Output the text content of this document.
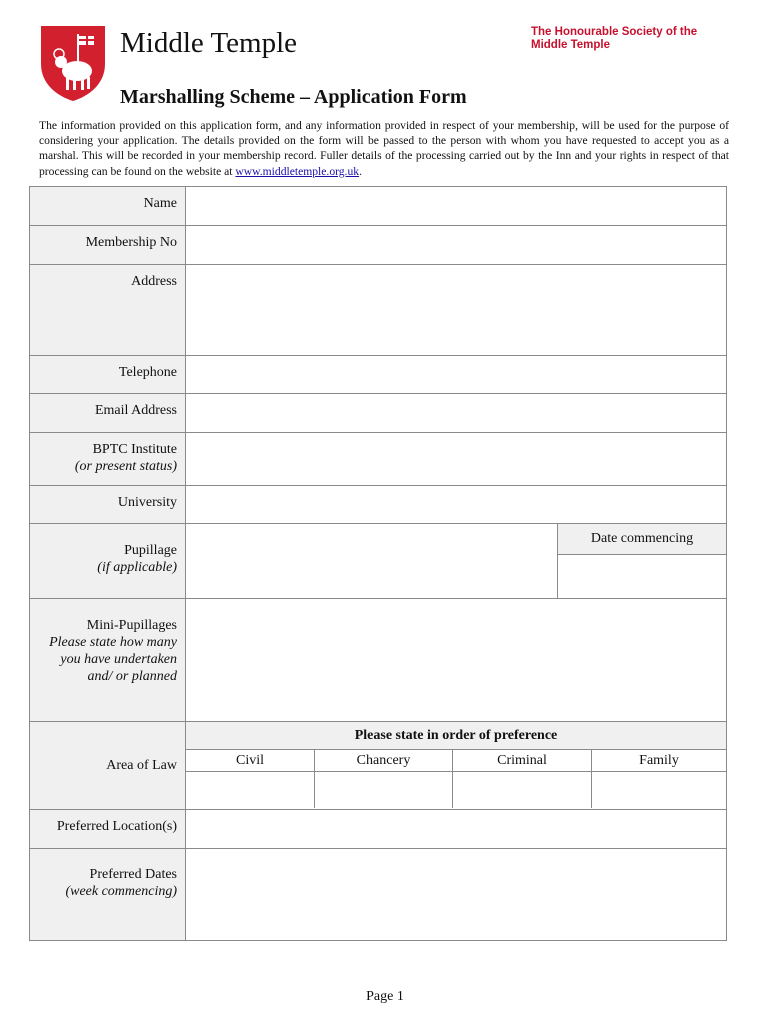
Middle Temple	The Honourable Society of the Middle Temple
Marshalling Scheme – Application Form
The information provided on this application form, and any information provided in respect of your membership, will be used for the purpose of considering your application. The details provided on the form will be passed to the person with whom you have requested to accept you as a marshal. This will be recorded in your membership record. Fuller details of the processing carried out by the Inn and your rights in respect of that processing can be found on the website at www.middletemple.org.uk.
Name	
Membership No	
Address	
Telephone	
Email Address	

BPTC Institute
(or present status)	

University	

Pupillage
(if applicable)	Date commencing

Mini-Pupillages
Please state how many you have undertaken and/ or planned	

Area of Law	Please state in order of preference
Civil Chancery Criminal Family

Preferred Location(s)	

Preferred Dates
(week commencing)	

Page 1
